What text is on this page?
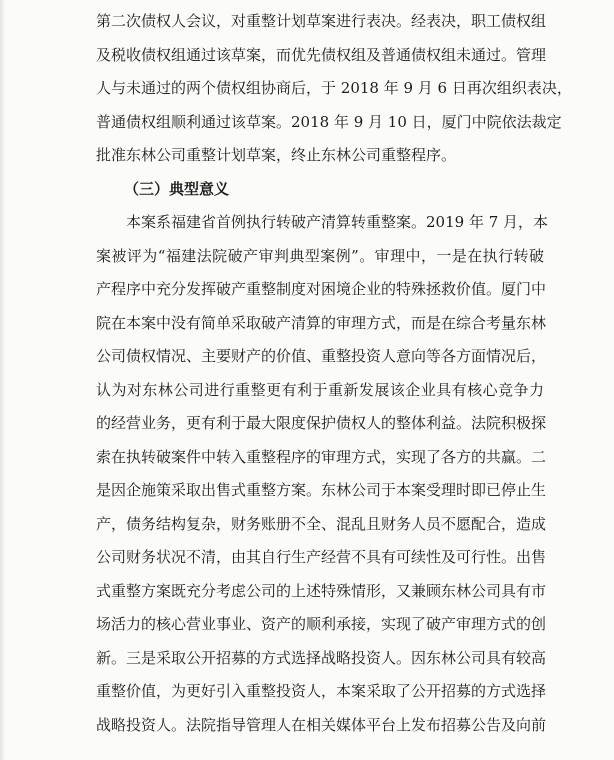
第二次债权人会议，对重整计划草案进行表决。经表决，职工债权组
及税收债权组通过该草案，而优先债权组及普通债权组未通过。管理
人与未通过的两个债权组协商后，于 2018 年 9 月 6 日再次组织表决，
普通债权组顺利通过该草案。2018 年 9 月 10 日，厦门中院依法裁定
批准东林公司重整计划草案，终止东林公司重整程序。
（三）典型意义
本案系福建省首例执行转破产清算转重整案。2019 年 7 月，本
案被评为“福建法院破产审判典型案例”。审理中，一是在执行转破
产程序中充分发挥破产重整制度对困境企业的特殊拯救价值。厦门中
院在本案中没有简单采取破产清算的审理方式，而是在综合考量东林
公司债权情况、主要财产的价值、重整投资人意向等各方面情况后，
认为对东林公司进行重整更有利于重新发展该企业具有核心竞争力
的经营业务，更有利于最大限度保护债权人的整体利益。法院积极探
索在执转破案件中转入重整程序的审理方式，实现了各方的共赢。二
是因企施策采取出售式重整方案。东林公司于本案受理时即已停止生
产，债务结构复杂，财务账册不全、混乱且财务人员不愿配合，造成
公司财务状况不清，由其自行生产经营不具有可续性及可行性。出售
式重整方案既充分考虑公司的上述特殊情形，又兼顾东林公司具有市
场活力的核心营业事业、资产的顺利承接，实现了破产审理方式的创
新。三是采取公开招募的方式选择战略投资人。因东林公司具有较高
重整价值，为更好引入重整投资人，本案采取了公开招募的方式选择
战略投资人。法院指导管理人在相关媒体平台上发布招募公告及向前
